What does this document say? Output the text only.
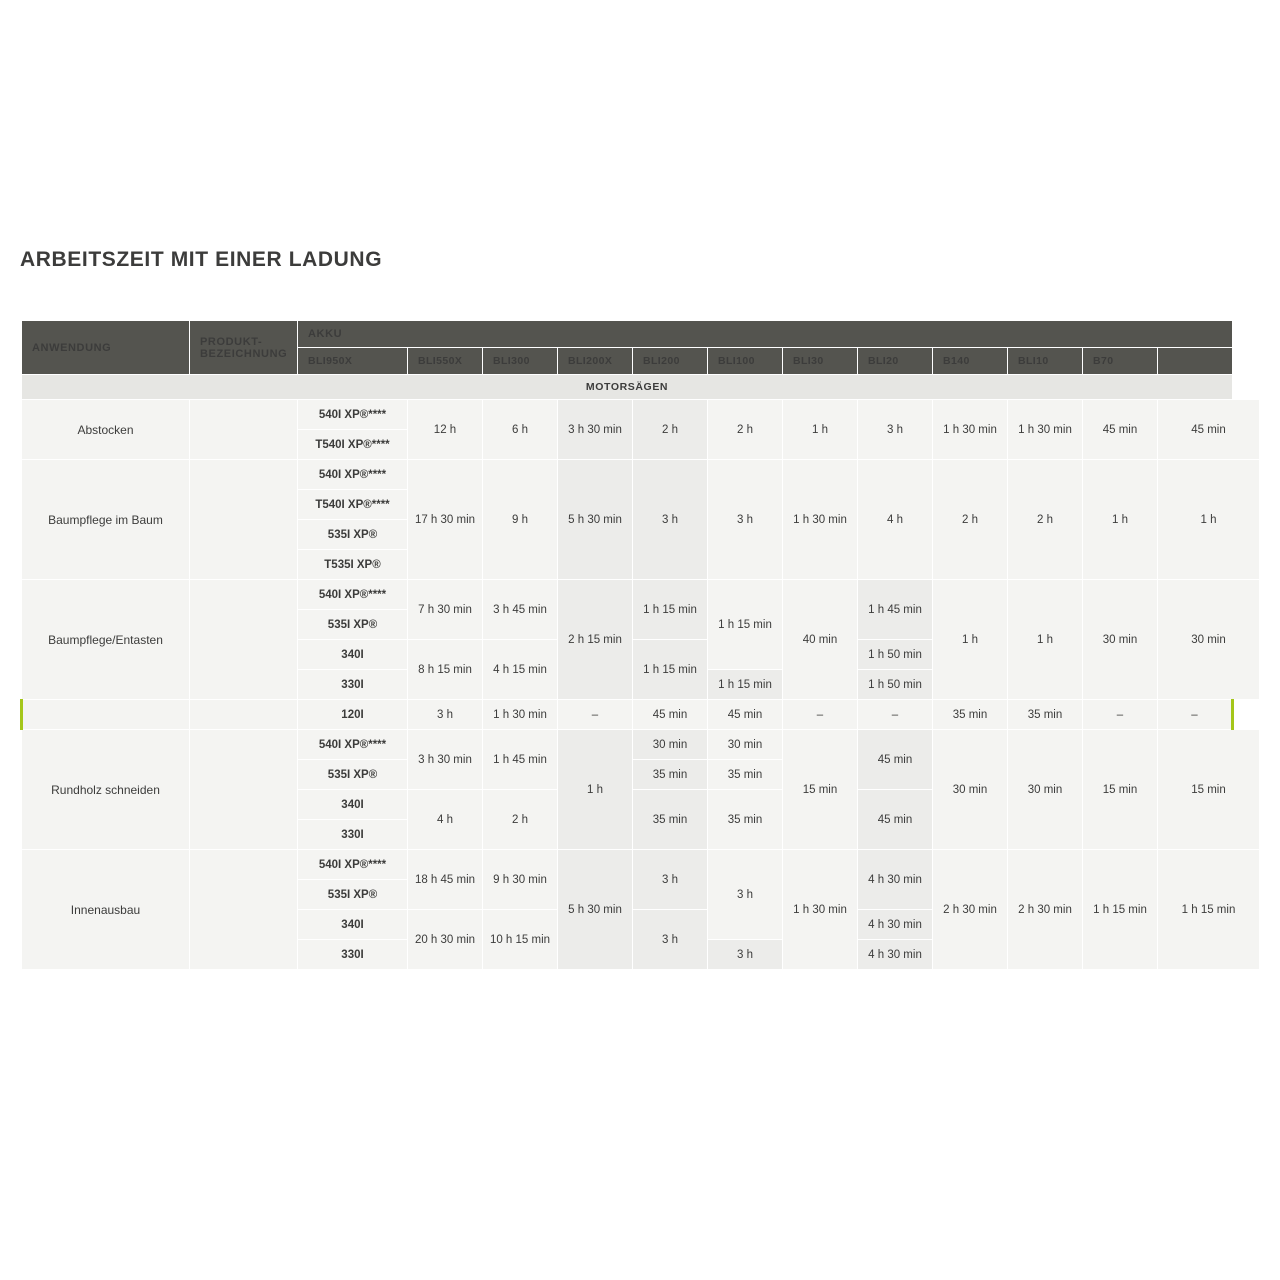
ARBEITSZEIT MIT EINER LADUNG
ANWENDUNG	PRODUKT-
BEZEICHNUNG	AKKU											
		BLI950X	BLI550X	BLI300	BLI200X	BLI200	BLI100	BLI30	BLI20	B140	BLI10	B70	
MOTORSÄGEN													
Abstocken		540I XP®****	12 h	6 h	3 h 30 min	2 h	2 h	1 h	3 h	1 h 30 min	1 h 30 min	45 min	45 min
		T540I XP®****											
Baumpflege im Baum		540I XP®****	17 h 30 min	9 h	5 h 30 min	3 h	3 h	1 h 30 min	4 h	2 h	2 h	1 h	1 h
		T540I XP®****											
		535I XP®											
		T535I XP®											
Baumpflege/Entasten		540I XP®****	7 h 30 min	3 h 45 min	2 h 15 min	1 h 15 min	1 h 15 min	40 min	1 h 45 min	1 h	1 h	30 min	30 min
		535I XP®											
		340I	8 h 15 min	4 h 15 min		1 h 15 min			1 h 50 min				
		330I					1 h 15 min		1 h 50 min				
		120I	3 h	1 h 30 min	–	45 min	45 min	–	–	35 min	35 min	–	–
Rundholz schneiden		540I XP®****	3 h 30 min	1 h 45 min	1 h	30 min	30 min	15 min	45 min	30 min	30 min	15 min	15 min
		535I XP®				35 min	35 min						
		340I	4 h	2 h		35 min	35 min		45 min				
		330I											
Innenausbau		540I XP®****	18 h 45 min	9 h 30 min	5 h 30 min	3 h	3 h	1 h 30 min	4 h 30 min	2 h 30 min	2 h 30 min	1 h 15 min	1 h 15 min
		535I XP®											
		340I	20 h 30 min	10 h 15 min		3 h			4 h 30 min				
		330I					3 h		4 h 30 min				
